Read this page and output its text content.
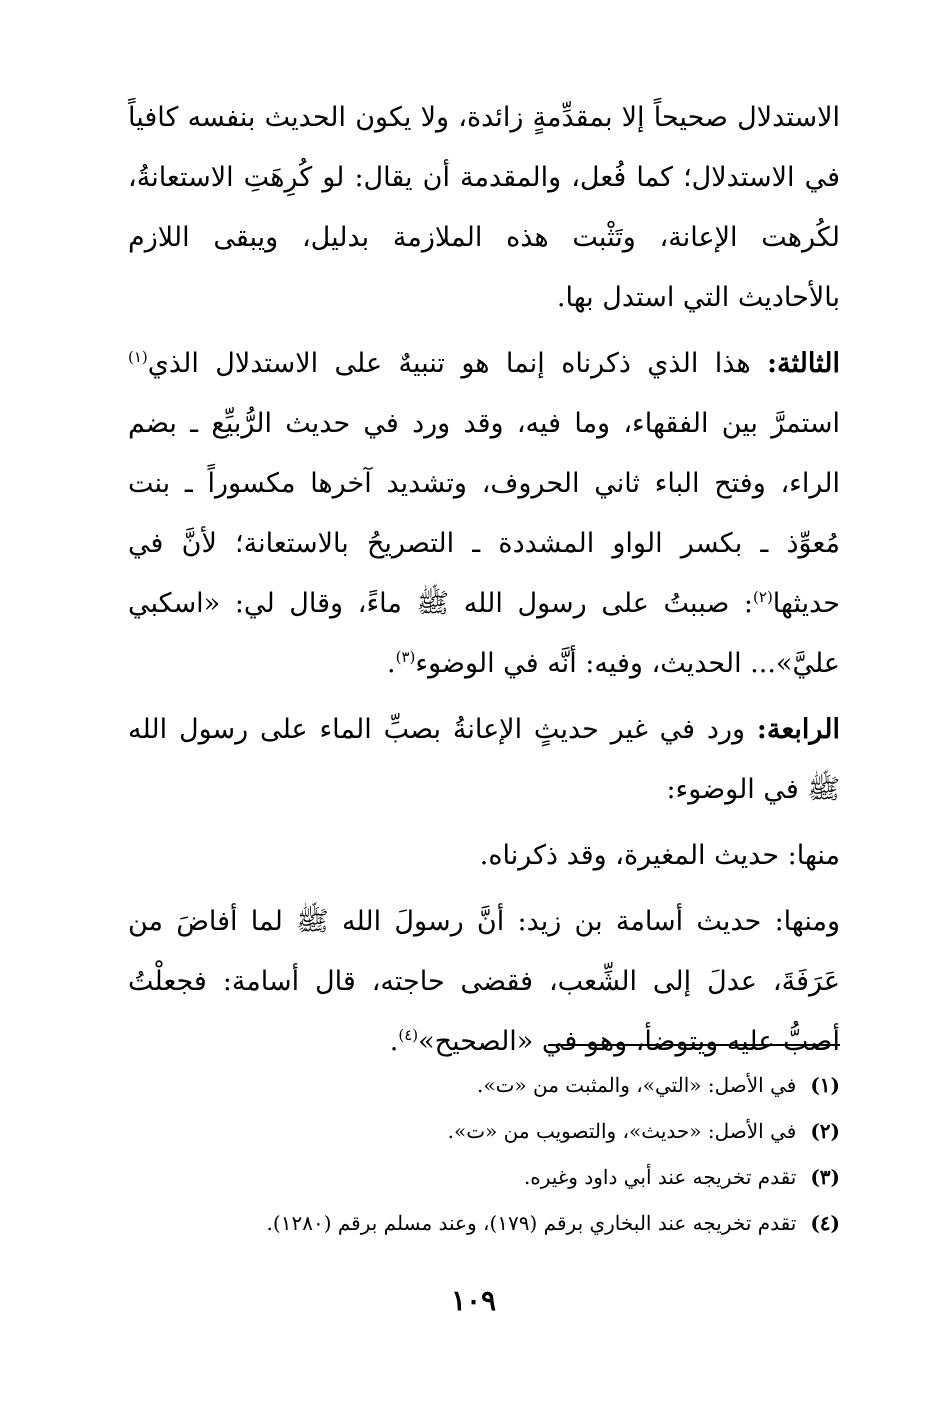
الاستدلال صحيحاً إلا بمقدِّمةٍ زائدة، ولا يكون الحديث بنفسه كافياً في الاستدلال؛ كما فُعل، والمقدمة أن يقال: لو كُرِهَتِ الاستعانةُ، لكُرهت الإعانة، وتَثْبت هذه الملازمة بدليل، ويبقى اللازم بالأحاديث التي استدل بها.

الثالثة: هذا الذي ذكرناه إنما هو تنبيهٌ على الاستدلال الذي$^{(١)}$ استمرَّ بين الفقهاء، وما فيه، وقد ورد في حديث الرُّبيِّع ـ بضم الراء، وفتح الباء ثاني الحروف، وتشديد آخرها مكسوراً ـ بنت مُعوِّذ ـ بكسر الواو المشددة ـ التصريحُ بالاستعانة؛ لأنَّ في حديثها$^{(٢)}$: صببتُ على رسول الله ﷺ ماءً، وقال لي: «اسكبي عليَّ»... الحديث، وفيه: أنَّه في الوضوء$^{(٣)}$.

الرابعة: ورد في غير حديثٍ الإعانةُ بصبِّ الماء على رسول الله ﷺ في الوضوء:

منها: حديث المغيرة، وقد ذكرناه.

ومنها: حديث أسامة بن زيد: أنَّ رسولَ الله ﷺ لما أفاضَ من عَرَفَةَ، عدلَ إلى الشِّعب، فقضى حاجته، قال أسامة: فجعلْتُ أصبُّ عليه ويتوضأ، وهو في «الصحيح»$^{(٤)}$.

(١)في الأصل: «التي»، والمثبت من «ت».

(٢)في الأصل: «حديث»، والتصويب من «ت».

(٣)تقدم تخريجه عند أبي داود وغيره.

(٤)تقدم تخريجه عند البخاري برقم (١٧٩)، وعند مسلم برقم (١٢٨٠).

١٠٩
